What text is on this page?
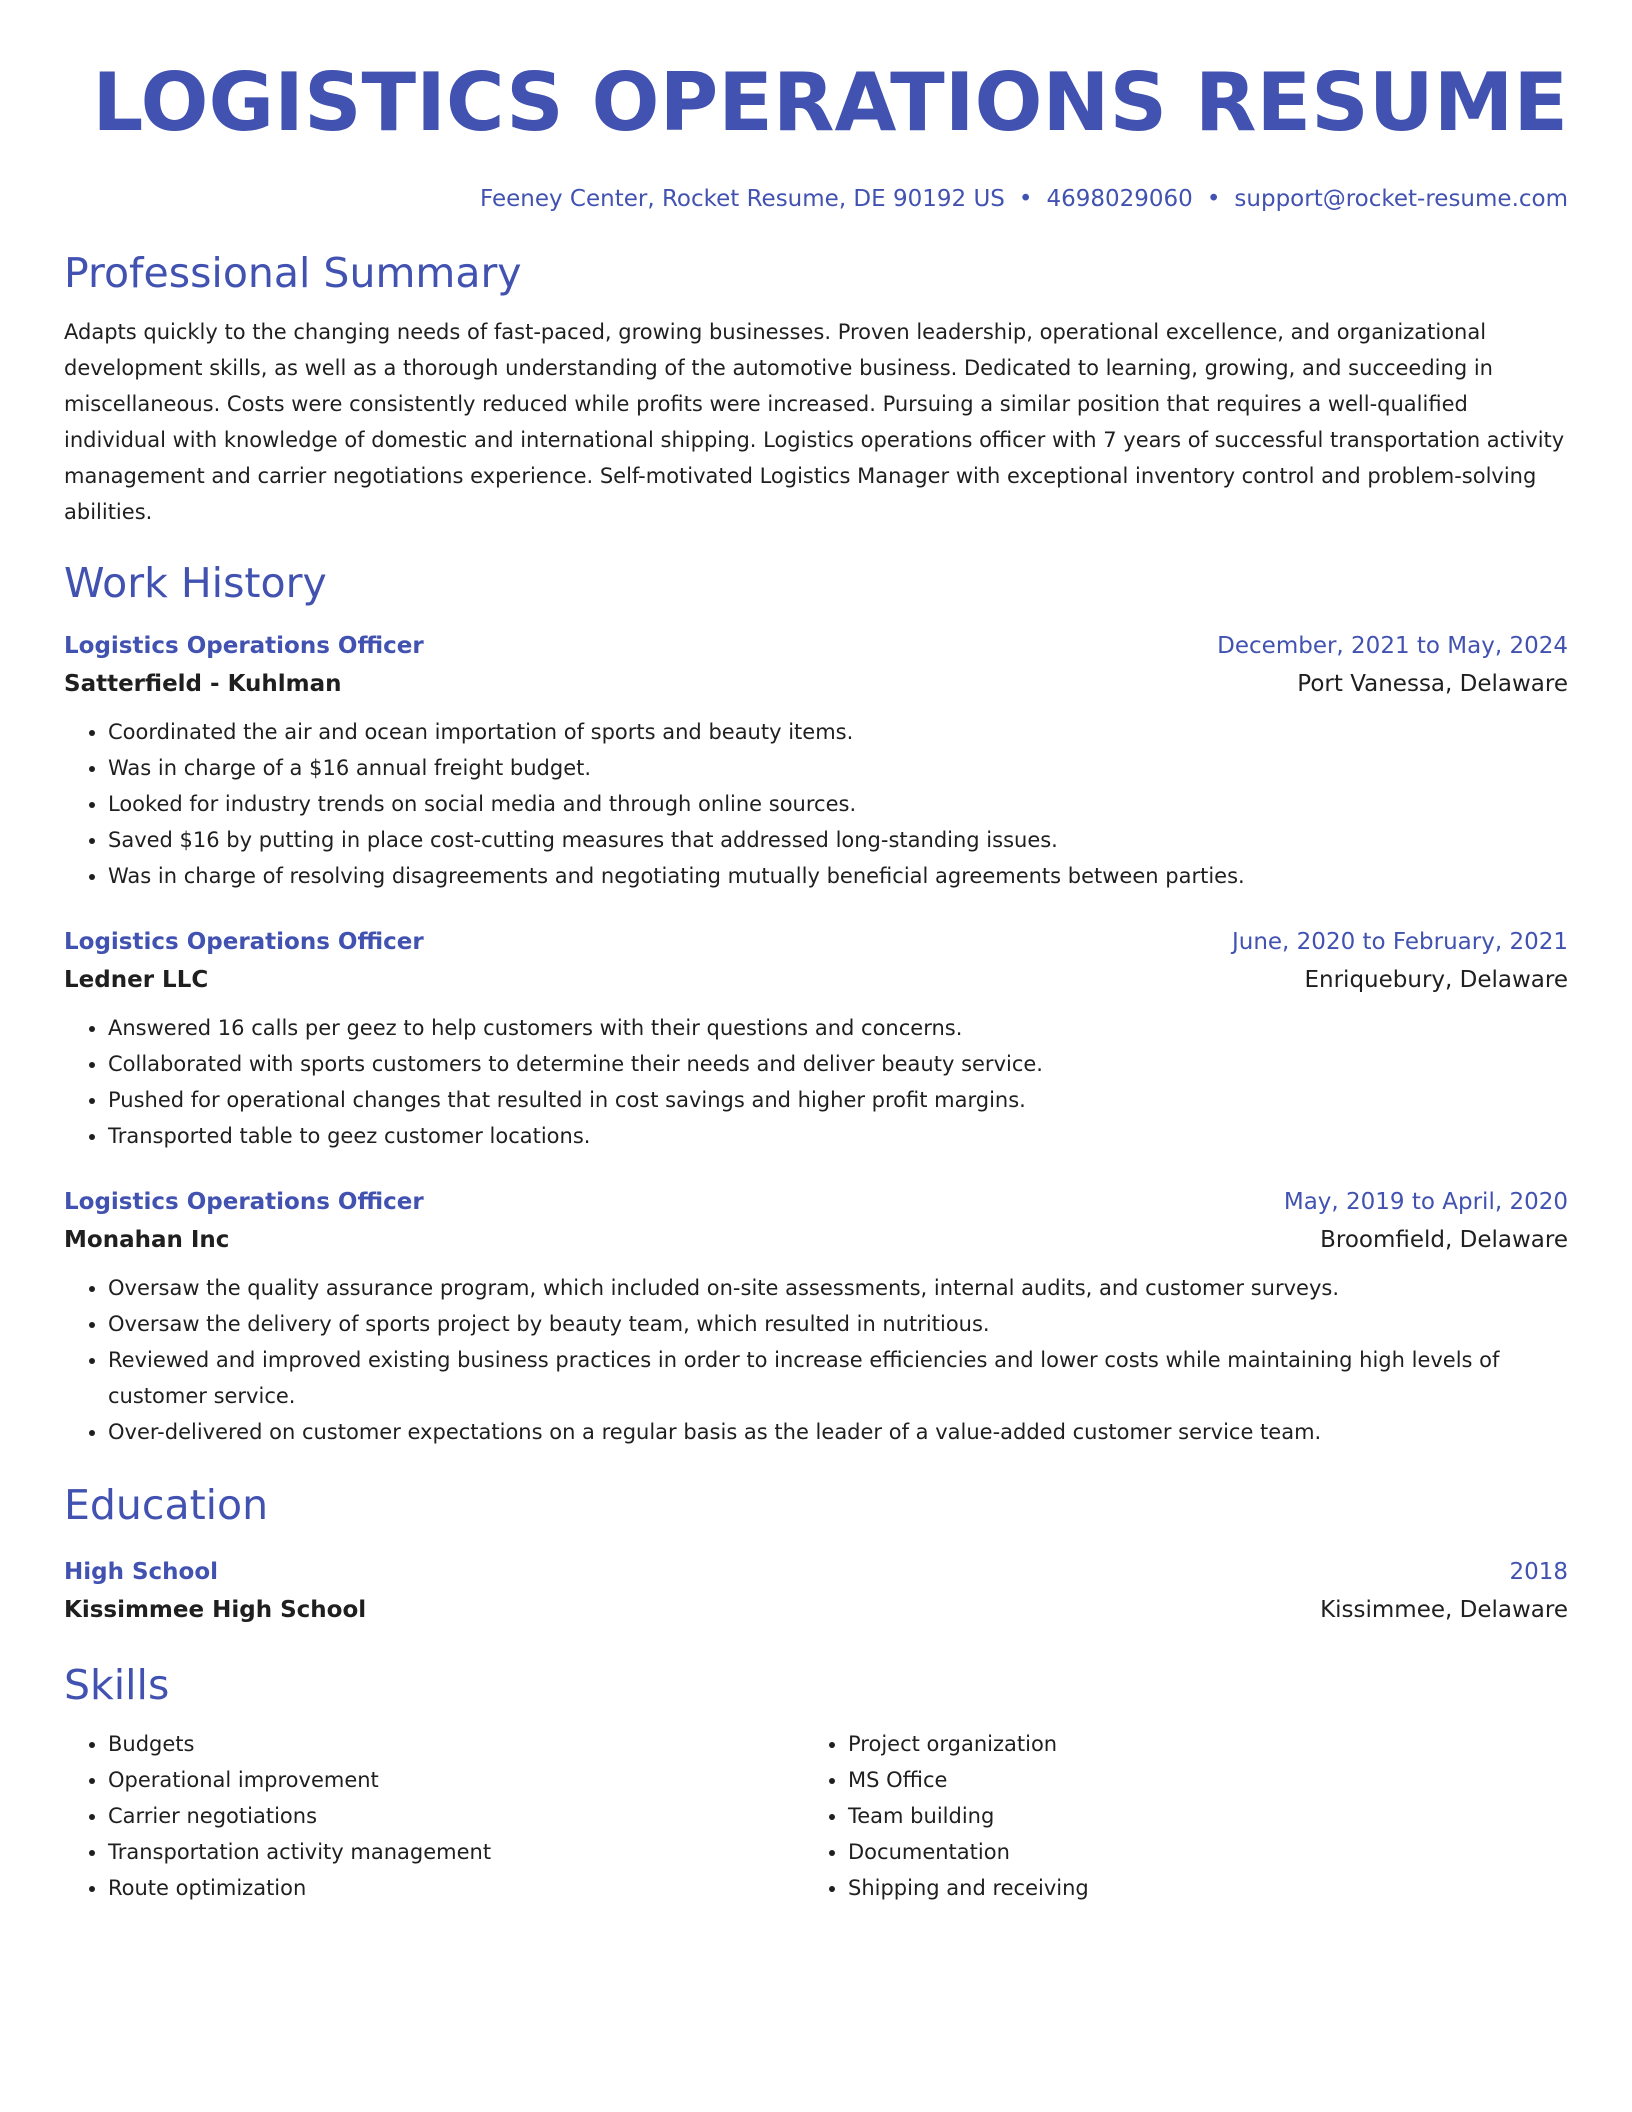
LOGISTICS OPERATIONS RESUME
Feeney Center, Rocket Resume, DE 90192 US • 4698029060 • support@rocket-resume.com
Professional Summary
Adapts quickly to the changing needs of fast-paced, growing businesses. Proven leadership, operational excellence, and organizational development skills, as well as a thorough understanding of the automotive business. Dedicated to learning, growing, and succeeding in miscellaneous. Costs were consistently reduced while profits were increased. Pursuing a similar position that requires a well-qualified individual with knowledge of domestic and international shipping. Logistics operations officer with 7 years of successful transportation activity management and carrier negotiations experience. Self-motivated Logistics Manager with exceptional inventory control and problem-solving abilities.
Work History
Logistics Operations Officer	December, 2021 to May, 2024
Satterfield - Kuhlman	Port Vanessa, Delaware
• Coordinated the air and ocean importation of sports and beauty items.
• Was in charge of a $16 annual freight budget.
• Looked for industry trends on social media and through online sources.
• Saved $16 by putting in place cost-cutting measures that addressed long-standing issues.
• Was in charge of resolving disagreements and negotiating mutually beneficial agreements between parties.
Logistics Operations Officer	June, 2020 to February, 2021
Ledner LLC	Enriquebury, Delaware
• Answered 16 calls per geez to help customers with their questions and concerns.
• Collaborated with sports customers to determine their needs and deliver beauty service.
• Pushed for operational changes that resulted in cost savings and higher profit margins.
• Transported table to geez customer locations.
Logistics Operations Officer	May, 2019 to April, 2020
Monahan Inc	Broomfield, Delaware
• Oversaw the quality assurance program, which included on-site assessments, internal audits, and customer surveys.
• Oversaw the delivery of sports project by beauty team, which resulted in nutritious.
• Reviewed and improved existing business practices in order to increase efficiencies and lower costs while maintaining high levels of customer service.
• Over-delivered on customer expectations on a regular basis as the leader of a value-added customer service team.
Education
High School	2018
Kissimmee High School	Kissimmee, Delaware
Skills
• Budgets
• Operational improvement
• Carrier negotiations
• Transportation activity management
• Route optimization
• Project organization
• MS Office
• Team building
• Documentation
• Shipping and receiving
